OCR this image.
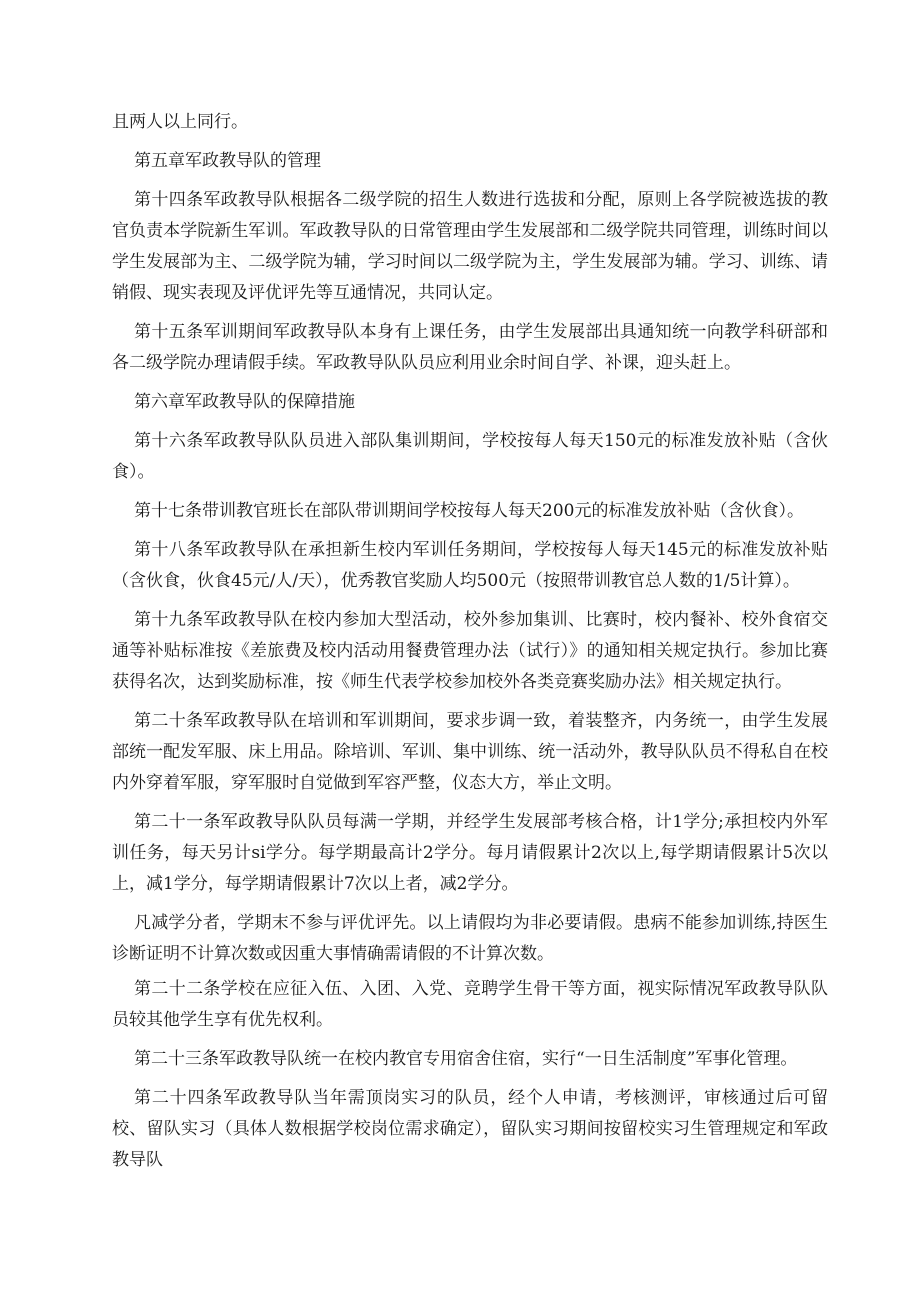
且两人以上同行。

第五章军政教导队的管理

第十四条军政教导队根据各二级学院的招生人数进行选拔和分配，原则上各学院被选拔的教官负责本学院新生军训。军政教导队的日常管理由学生发展部和二级学院共同管理，训练时间以学生发展部为主、二级学院为辅，学习时间以二级学院为主，学生发展部为辅。学习、训练、请销假、现实表现及评优评先等互通情况，共同认定。

第十五条军训期间军政教导队本身有上课任务，由学生发展部出具通知统一向教学科研部和各二级学院办理请假手续。军政教导队队员应利用业余时间自学、补课，迎头赶上。

第六章军政教导队的保障措施

第十六条军政教导队队员进入部队集训期间，学校按每人每天150元的标准发放补贴（含伙食）。

第十七条带训教官班长在部队带训期间学校按每人每天200元的标准发放补贴（含伙食）。

第十八条军政教导队在承担新生校内军训任务期间，学校按每人每天145元的标准发放补贴（含伙食，伙食45元/人/天），优秀教官奖励人均500元（按照带训教官总人数的1/5计算）。

第十九条军政教导队在校内参加大型活动，校外参加集训、比赛时，校内餐补、校外食宿交通等补贴标准按《差旅费及校内活动用餐费管理办法（试行）》的通知相关规定执行。参加比赛获得名次，达到奖励标准，按《师生代表学校参加校外各类竞赛奖励办法》相关规定执行。

第二十条军政教导队在培训和军训期间，要求步调一致，着装整齐，内务统一，由学生发展部统一配发军服、床上用品。除培训、军训、集中训练、统一活动外，教导队队员不得私自在校内外穿着军服，穿军服时自觉做到军容严整，仪态大方，举止文明。

第二十一条军政教导队队员每满一学期，并经学生发展部考核合格，计1学分;承担校内外军训任务，每天另计si学分。每学期最高计2学分。每月请假累计2次以上,每学期请假累计5次以上，减1学分，每学期请假累计7次以上者，减2学分。

凡减学分者，学期末不参与评优评先。以上请假均为非必要请假。患病不能参加训练,持医生诊断证明不计算次数或因重大事情确需请假的不计算次数。

第二十二条学校在应征入伍、入团、入党、竞聘学生骨干等方面，视实际情况军政教导队队员较其他学生享有优先权利。

第二十三条军政教导队统一在校内教官专用宿舍住宿，实行“一日生活制度”军事化管理。

第二十四条军政教导队当年需顶岗实习的队员，经个人申请，考核测评，审核通过后可留校、留队实习（具体人数根据学校岗位需求确定），留队实习期间按留校实习生管理规定和军政教导队
